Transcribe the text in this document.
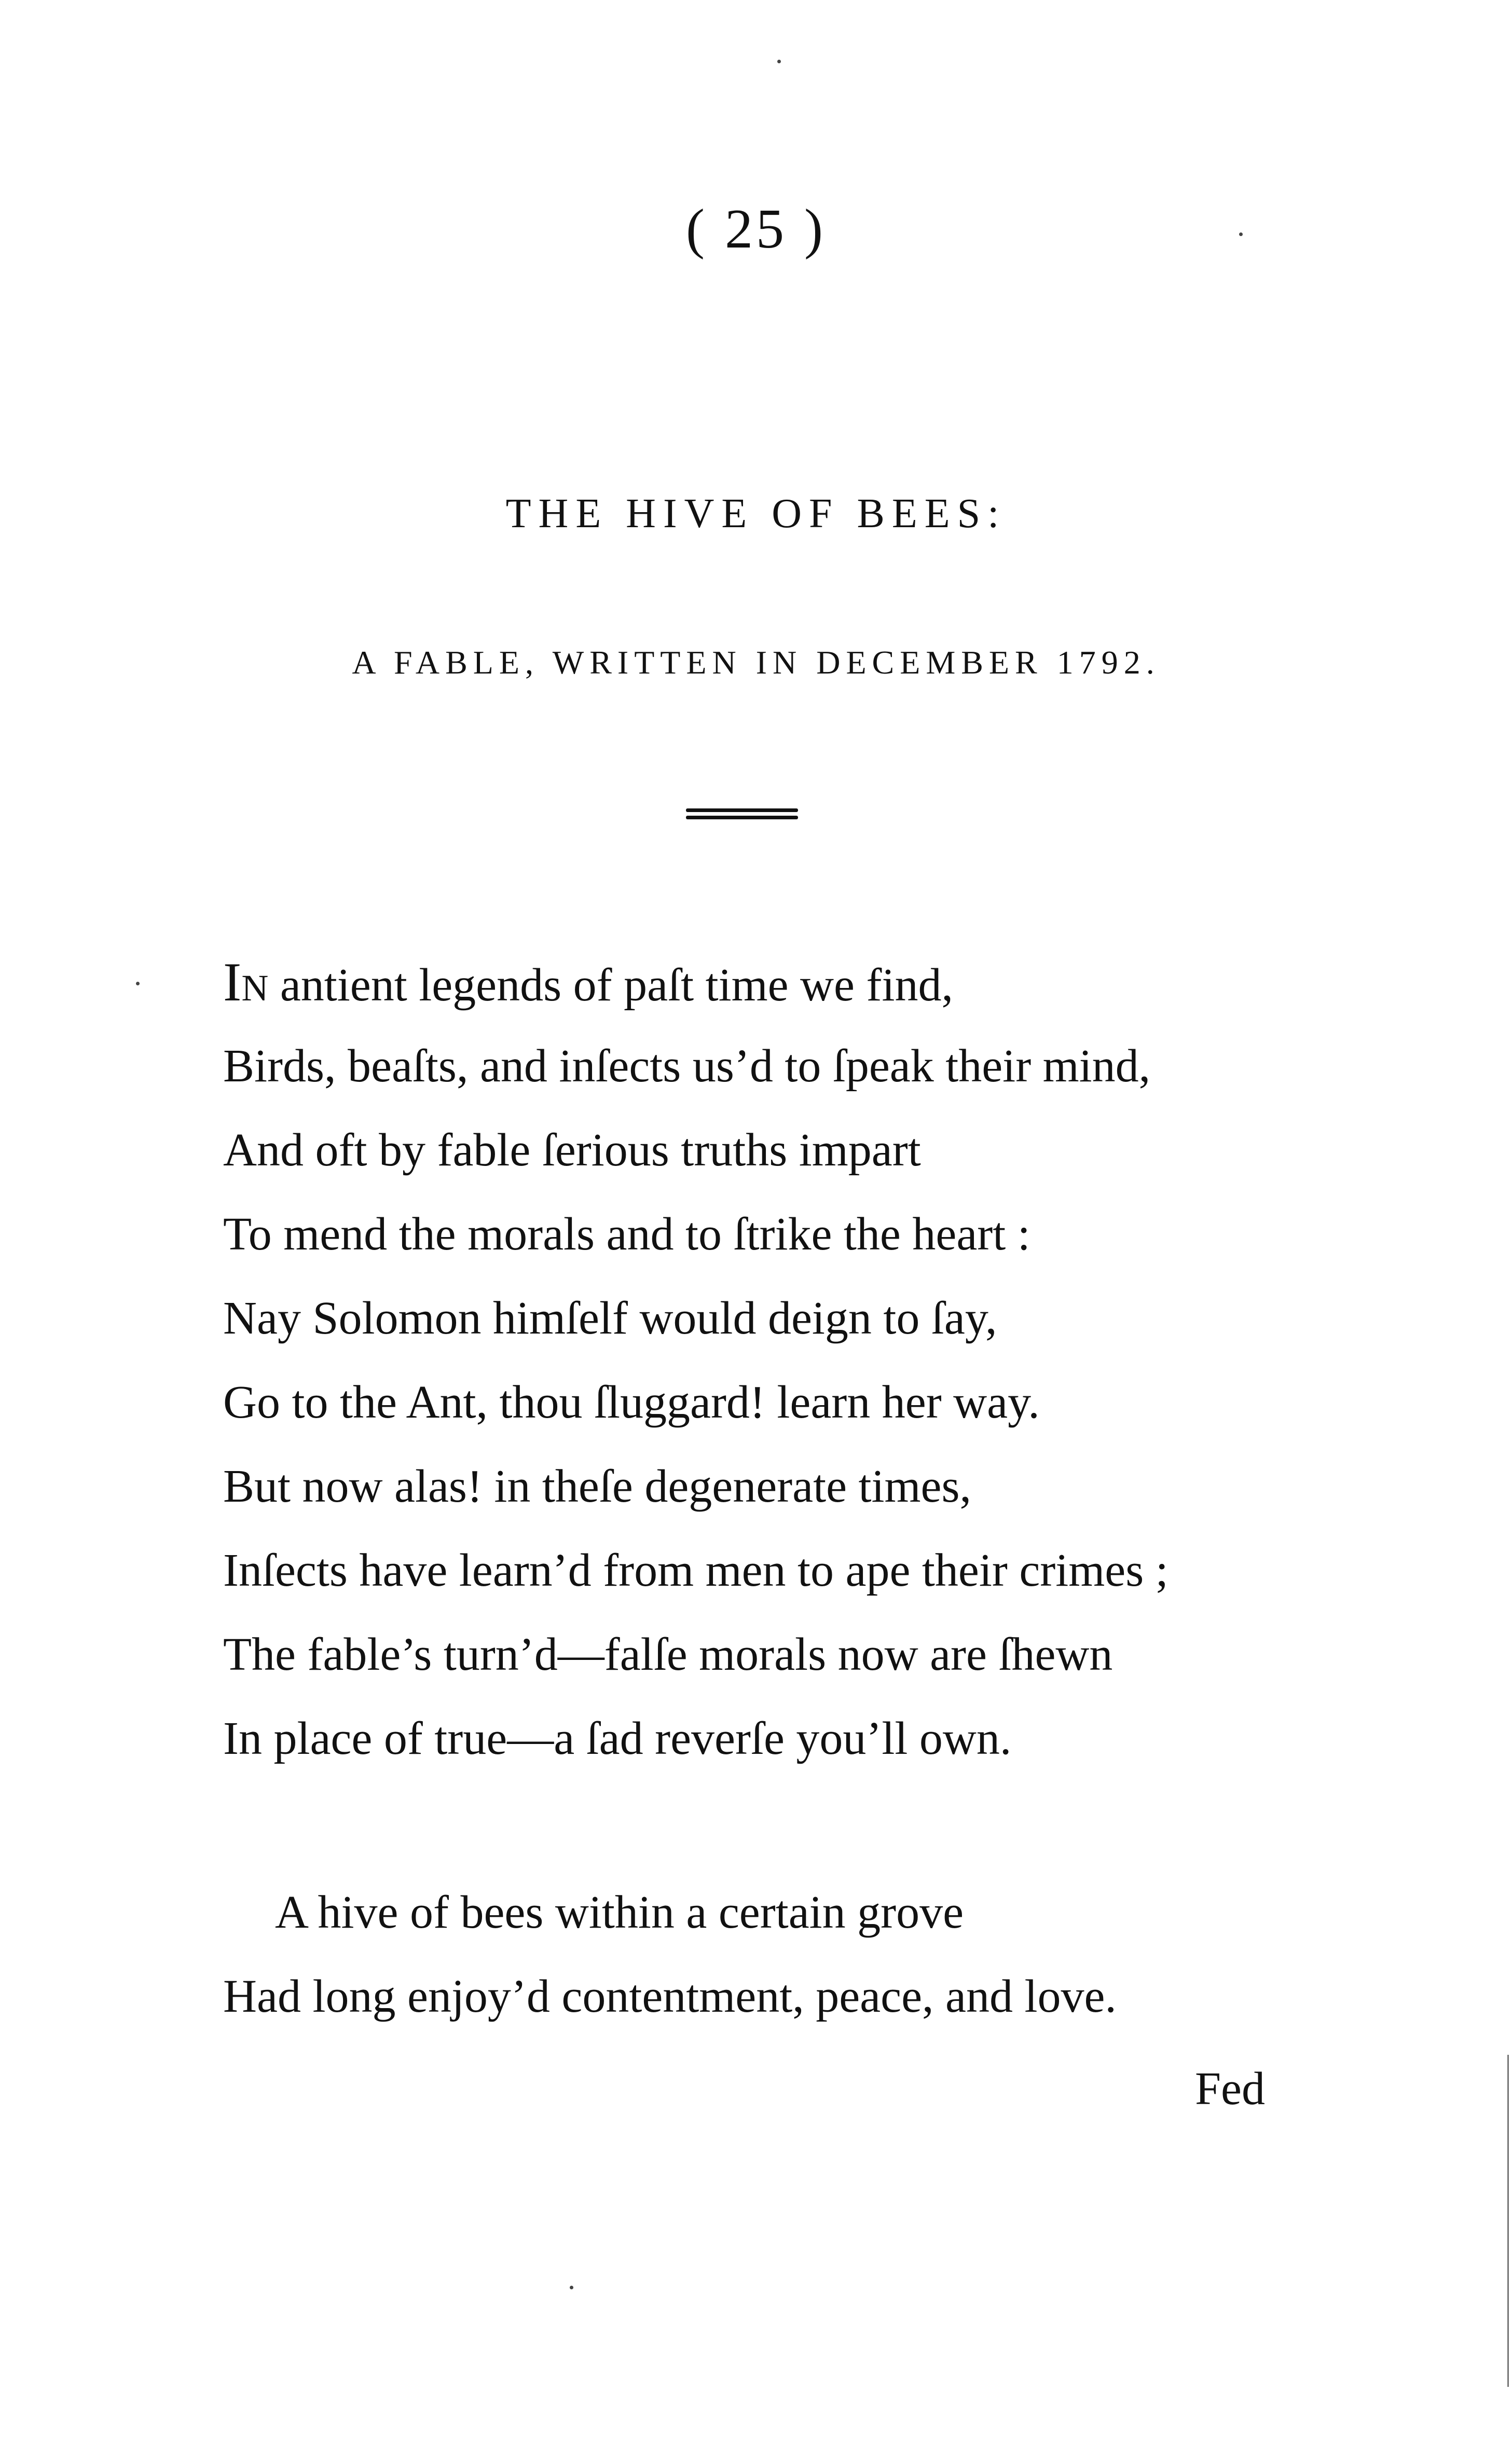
( 25 )
THE HIVE OF BEES:
A FABLE, WRITTEN IN DECEMBER 1792.
IN antient legends of paſt time we find,
Birds, beaſts, and inſects us’d to ſpeak their mind,
And oft by fable ſerious truths impart
To mend the morals and to ſtrike the heart :
Nay Solomon himſelf would deign to ſay,
Go to the Ant, thou ſluggard! learn her way.
But now alas! in theſe degenerate times,
Inſects have learn’d from men to ape their crimes ;
The fable’s turn’d—falſe morals now are ſhewn
In place of true—a ſad reverſe you’ll own.
A hive of bees within a certain grove
Had long enjoy’d contentment, peace, and love.
Fed
